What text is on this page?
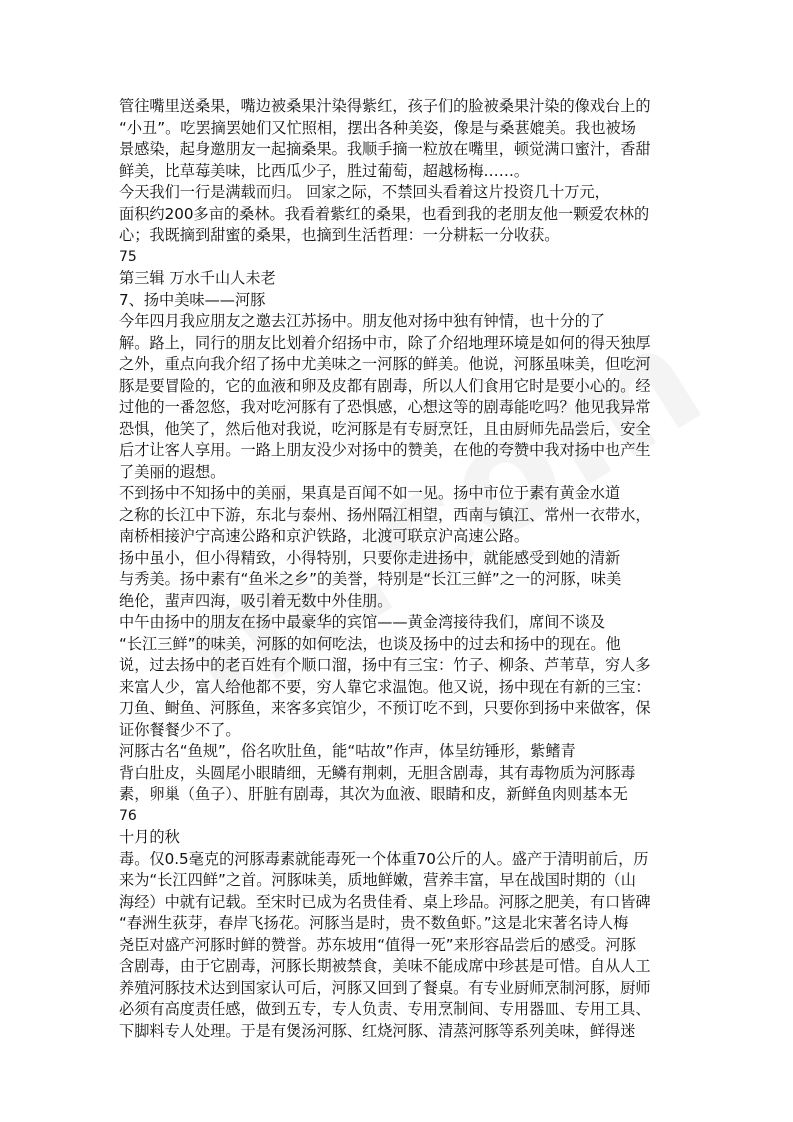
管往嘴里送桑果，嘴边被桑果汁染得紫红，孩子们的脸被桑果汁染的像戏台上的
“小丑”。吃罢摘罢她们又忙照相，摆出各种美姿，像是与桑葚媲美。我也被场
景感染，起身邀朋友一起摘桑果。我顺手摘一粒放在嘴里，顿觉满口蜜汁，香甜
鲜美，比草莓美味，比西瓜少子，胜过葡萄，超越杨梅……。
今天我们一行是满载而归。 回家之际，不禁回头看着这片投资几十万元，
面积约200多亩的桑林。我看着紫红的桑果，也看到我的老朋友他一颗爱农林的
心；我既摘到甜蜜的桑果，也摘到生活哲理：一分耕耘一分收获。
75
第三辑 万水千山人未老
7、扬中美味——河豚
今年四月我应朋友之邀去江苏扬中。朋友他对扬中独有钟情，也十分的了
解。路上，同行的朋友比划着介绍扬中市，除了介绍地理环境是如何的得天独厚
之外，重点向我介绍了扬中尤美味之一河豚的鲜美。他说，河豚虽味美，但吃河
豚是要冒险的，它的血液和卵及皮都有剧毒，所以人们食用它时是要小心的。经
过他的一番忽悠，我对吃河豚有了恐惧感，心想这等的剧毒能吃吗？他见我异常
恐惧，他笑了，然后他对我说，吃河豚是有专厨烹饪，且由厨师先品尝后，安全
后才让客人享用。一路上朋友没少对扬中的赞美，在他的夸赞中我对扬中也产生
了美丽的遐想。
不到扬中不知扬中的美丽，果真是百闻不如一见。扬中市位于素有黄金水道
之称的长江中下游，东北与泰州、扬州隔江相望，西南与镇江、常州一衣带水，
南桥相接沪宁高速公路和京沪铁路，北渡可联京沪高速公路。
扬中虽小，但小得精致，小得特别，只要你走进扬中，就能感受到她的清新
与秀美。扬中素有“鱼米之乡”的美誉，特别是“长江三鲜”之一的河豚，味美
绝伦，蜚声四海，吸引着无数中外佳朋。
中午由扬中的朋友在扬中最豪华的宾馆——黄金湾接待我们，席间不谈及
“长江三鲜”的味美，河豚的如何吃法，也谈及扬中的过去和扬中的现在。他
说，过去扬中的老百姓有个顺口溜，扬中有三宝：竹子、柳条、芦苇草，穷人多
来富人少，富人给他都不要，穷人靠它求温饱。他又说，扬中现在有新的三宝：
刀鱼、鲥鱼、河豚鱼，来客多宾馆少，不预订吃不到，只要你到扬中来做客，保
证你餐餐少不了。
河豚古名“鱼规”，俗名吹肚鱼，能“咕故”作声，体呈纺锤形，紫鳍青
背白肚皮，头圆尾小眼睛细，无鳞有荆刺，无胆含剧毒，其有毒物质为河豚毒
素，卵巢（鱼子）、肝脏有剧毒，其次为血液、眼睛和皮，新鲜鱼肉则基本无
76
十月的秋
毒。仅0.5毫克的河豚毒素就能毒死一个体重70公斤的人。盛产于清明前后，历
来为“长江四鲜”之首。河豚味美，质地鲜嫩，营养丰富，早在战国时期的（山
海经）中就有记载。至宋时已成为名贵佳肴、桌上珍品。河豚之肥美，有口皆碑
“春洲生荻芽，春岸飞扬花。河豚当是时，贵不数鱼虾。”这是北宋著名诗人梅
尧臣对盛产河豚时鲜的赞誉。苏东坡用“值得一死”来形容品尝后的感受。河豚
含剧毒，由于它剧毒，河豚长期被禁食，美味不能成席中珍甚是可惜。自从人工
养殖河豚技术达到国家认可后，河豚又回到了餐桌。有专业厨师烹制河豚，厨师
必须有高度责任感，做到五专，专人负责、专用烹制间、专用器皿、专用工具、
下脚料专人处理。于是有煲汤河豚、红烧河豚、清蒸河豚等系列美味，鲜得迷
